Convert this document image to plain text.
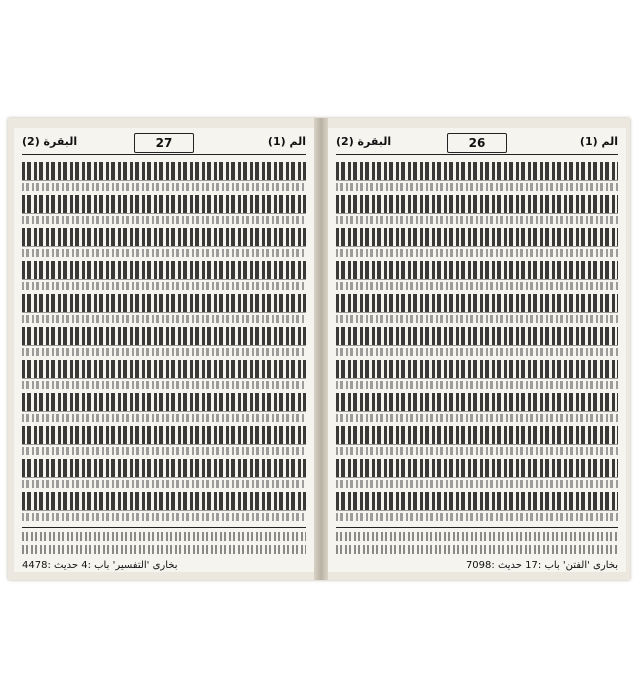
البقرة (2)	27	الم (1)
بخاری 'التفسیر' باب :4 حدیث :4478
البقرة (2)	26	الم (1)
بخاری 'الفتن' باب :17 حدیث :7098
